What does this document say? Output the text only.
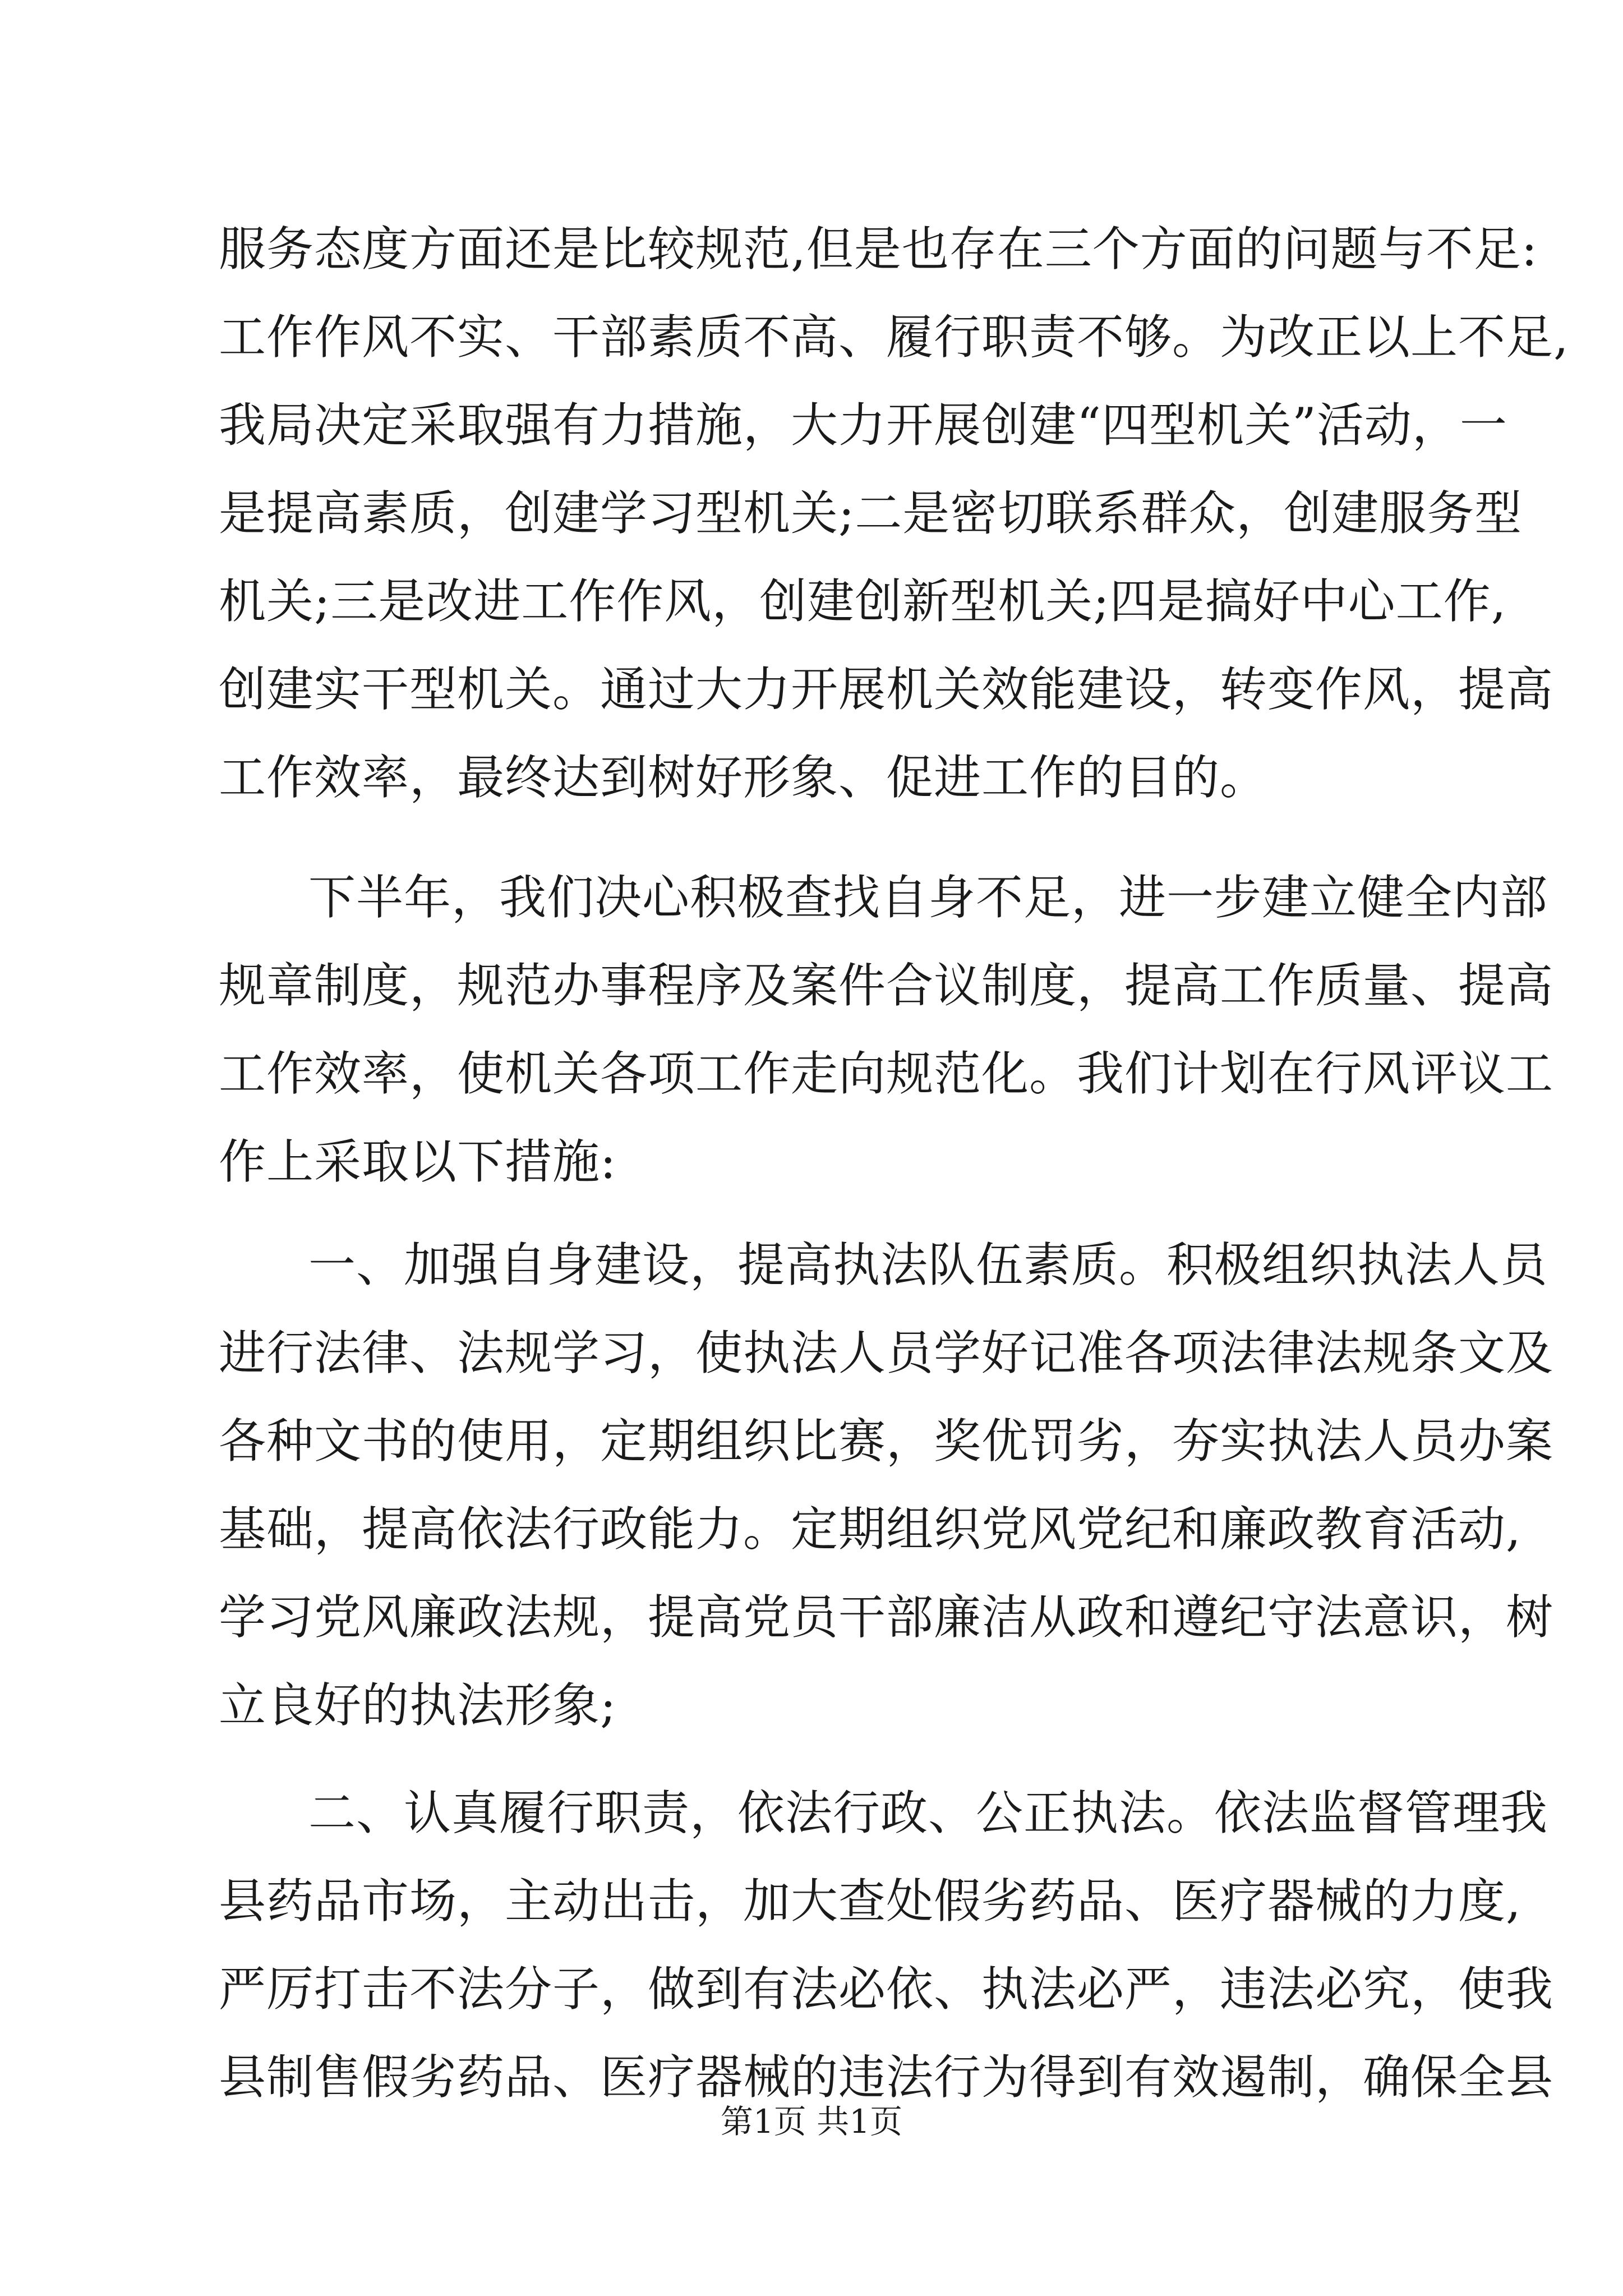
服务态度方面还是比较规范,但是也存在三个方面的问题与不足:
工作作风不实、干部素质不高、履行职责不够。为改正以上不足,
我局决定采取强有力措施，大力开展创建“四型机关”活动，一
是提高素质，创建学习型机关;二是密切联系群众，创建服务型
机关;三是改进工作作风，创建创新型机关;四是搞好中心工作,
创建实干型机关。通过大力开展机关效能建设，转变作风，提高
工作效率，最终达到树好形象、促进工作的目的。
下半年，我们决心积极查找自身不足，进一步建立健全内部
规章制度，规范办事程序及案件合议制度，提高工作质量、提高
工作效率，使机关各项工作走向规范化。我们计划在行风评议工
作上采取以下措施:
一、加强自身建设，提高执法队伍素质。积极组织执法人员
进行法律、法规学习，使执法人员学好记准各项法律法规条文及
各种文书的使用，定期组织比赛，奖优罚劣，夯实执法人员办案
基础，提高依法行政能力。定期组织党风党纪和廉政教育活动,
学习党风廉政法规，提高党员干部廉洁从政和遵纪守法意识，树
立良好的执法形象;
二、认真履行职责，依法行政、公正执法。依法监督管理我
县药品市场，主动出击，加大查处假劣药品、医疗器械的力度,
严厉打击不法分子，做到有法必依、执法必严，违法必究，使我
县制售假劣药品、医疗器械的违法行为得到有效遏制，确保全县
第1页 共1页
